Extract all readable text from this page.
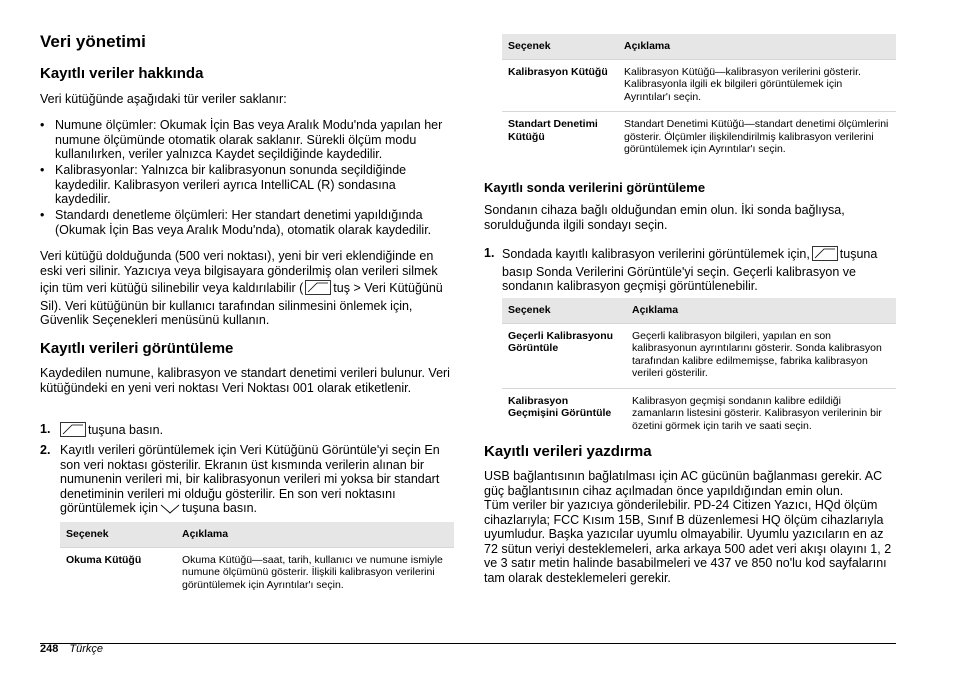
Veri yönetimi
Kayıtlı veriler hakkında
Veri kütüğünde aşağıdaki tür veriler saklanır:
• Numune ölçümler: Okumak İçin Bas veya Aralık Modu'nda yapılan her numune ölçümünde otomatik olarak saklanır. Sürekli ölçüm modu kullanılırken, veriler yalnızca Kaydet seçildiğinde kaydedilir.
• Kalibrasyonlar: Yalnızca bir kalibrasyonun sonunda seçildiğinde kaydedilir. Kalibrasyon verileri ayrıca IntelliCAL (R) sondasına kaydedilir.
• Standardı denetleme ölçümleri: Her standart denetimi yapıldığında (Okumak İçin Bas veya Aralık Modu'nda), otomatik olarak kaydedilir.
Veri kütüğü dolduğunda (500 veri noktası), yeni bir veri eklendiğinde en eski veri silinir. Yazıcıya veya bilgisayara gönderilmiş olan verileri silmek
için tüm veri kütüğü silinebilir veya kaldırılabilir ( tuş > Veri Kütüğünü Sil). Veri kütüğünün bir kullanıcı tarafından silinmesini önlemek için, Güvenlik Seçenekleri menüsünü kullanın.
Kayıtlı verileri görüntüleme
Kaydedilen numune, kalibrasyon ve standart denetimi verileri bulunur. Veri kütüğündeki en yeni veri noktası Veri Noktası 001 olarak etiketlenir.
1.	tuşuna basın.
2. Kayıtlı verileri görüntülemek için Veri Kütüğünü Görüntüle'yi seçin En son veri noktası gösterilir. Ekranın üst kısmında verilerin alınan bir numunenin verileri mi, bir kalibrasyonun verileri mi yoksa bir standart denetiminin verileri mi olduğu gösterilir. En son veri noktasını görüntülemek için tuşuna basın.
Seçenek	Açıklama
Okuma Kütüğü	Okuma Kütüğü—saat, tarih, kullanıcı ve numune ismiyle numune ölçümünü gösterir. İlişkili kalibrasyon verilerini görüntülemek için Ayrıntılar'ı seçin.
Seçenek	Açıklama
Kalibrasyon Kütüğü	Kalibrasyon Kütüğü—kalibrasyon verilerini gösterir. Kalibrasyonla ilgili ek bilgileri görüntülemek için Ayrıntılar'ı seçin.
Standart Denetimi Kütüğü	Standart Denetimi Kütüğü—standart denetimi ölçümlerini gösterir. Ölçümler ilişkilendirilmiş kalibrasyon verilerini görüntülemek için Ayrıntılar'ı seçin.
Kayıtlı sonda verilerini görüntüleme
Sondanın cihaza bağlı olduğundan emin olun. İki sonda bağlıysa, sorulduğunda ilgili sondayı seçin.
1. Sondada kayıtlı kalibrasyon verilerini görüntülemek için, tuşuna basıp Sonda Verilerini Görüntüle'yi seçin. Geçerli kalibrasyon ve sondanın kalibrasyon geçmişi görüntülenebilir.
Seçenek	Açıklama
Geçerli Kalibrasyonu Görüntüle	Geçerli kalibrasyon bilgileri, yapılan en son kalibrasyonun ayrıntılarını gösterir. Sonda kalibrasyon tarafından kalibre edilmemişse, fabrika kalibrasyon verileri gösterilir.
Kalibrasyon Geçmişini Görüntüle	Kalibrasyon geçmişi sondanın kalibre edildiği zamanların listesini gösterir. Kalibrasyon verilerinin bir özetini görmek için tarih ve saati seçin.
Kayıtlı verileri yazdırma
USB bağlantısının bağlatılması için AC gücünün bağlanması gerekir. AC güç bağlantısının cihaz açılmadan önce yapıldığından emin olun.
Tüm veriler bir yazıcıya gönderilebilir. PD-24 Citizen Yazıcı, HQd ölçüm cihazlarıyla; FCC Kısım 15B, Sınıf B düzenlemesi HQ ölçüm cihazlarıyla uyumludur. Başka yazıcılar uyumlu olmayabilir. Uyumlu yazıcıların en az 72 sütun veriyi desteklemeleri, arka arkaya 500 adet veri akışı olayını 1, 2 ve 3 satır metin halinde basabilmeleri ve 437 ve 850 no'lu kod sayfalarını tam olarak desteklemeleri gerekir.
248 Türkçe
